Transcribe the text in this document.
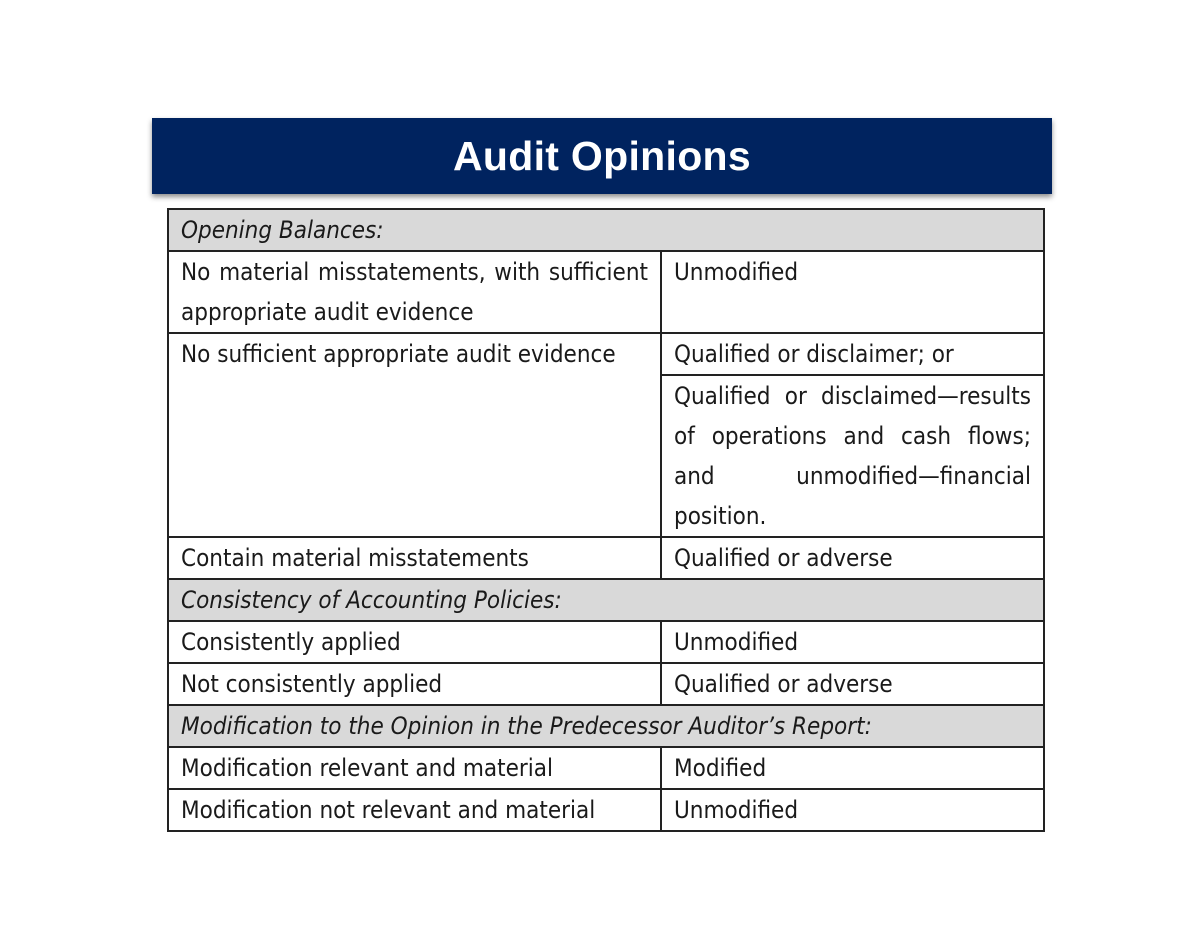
Audit Opinions
Opening Balances:	
No material misstatements, with sufficient appropriate audit evidence	Unmodified
No sufficient appropriate audit evidence	Qualified or disclaimer; or
	Qualified or disclaimed—results of operations and cash flows; and unmodified—financial position.
Contain material misstatements	Qualified or adverse
Consistency of Accounting Policies:	
Consistently applied	Unmodified
Not consistently applied	Qualified or adverse
Modification to the Opinion in the Predecessor Auditor’s Report:	
Modification relevant and material	Modified
Modification not relevant and material	Unmodified
